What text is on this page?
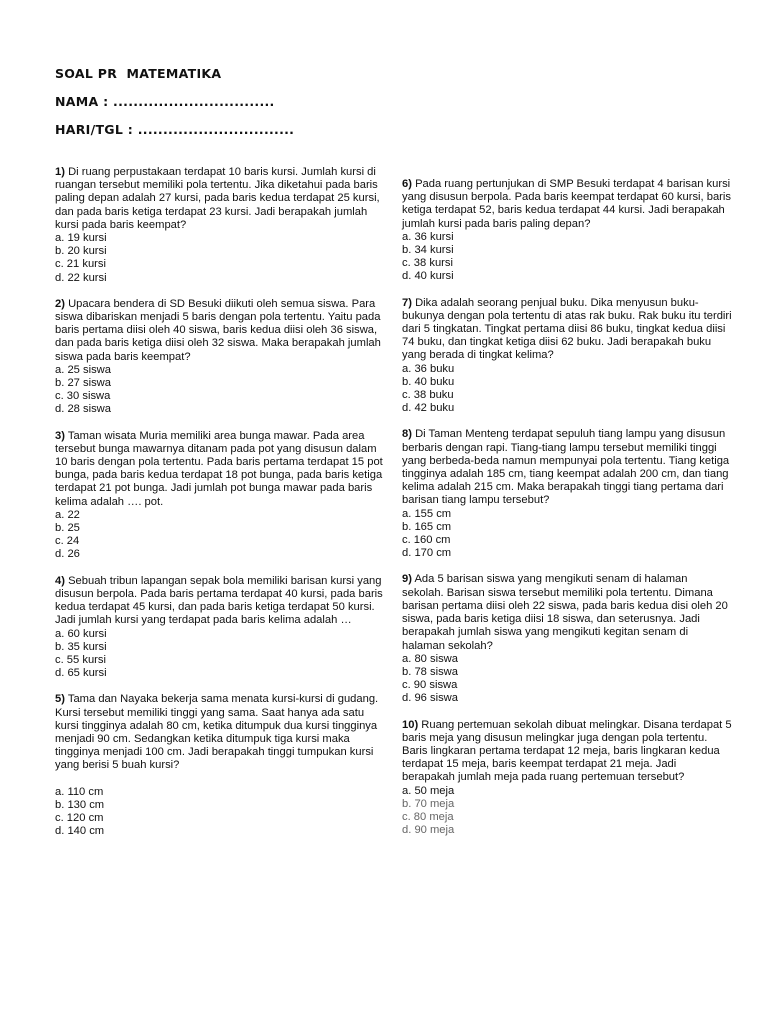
SOAL PR  MATEMATIKA
NAMA : ................................
HARI/TGL : ...............................

1) Di ruang perpustakaan terdapat 10 baris kursi. Jumlah kursi di ruangan tersebut memiliki pola tertentu. Jika diketahui pada baris paling depan adalah 27 kursi, pada baris kedua terdapat 25 kursi, dan pada baris ketiga terdapat 23 kursi. Jadi berapakah jumlah kursi pada baris keempat?

a. 19 kursi
b. 20 kursi
c. 21 kursi
d. 22 kursi

2) Upacara bendera di SD Besuki diikuti oleh semua siswa. Para siswa dibariskan menjadi 5 baris dengan pola tertentu. Yaitu pada baris pertama diisi oleh 40 siswa, baris kedua diisi oleh 36 siswa, dan pada baris ketiga diisi oleh 32 siswa. Maka berapakah jumlah siswa pada baris keempat?

a. 25 siswa
b. 27 siswa
c. 30 siswa
d. 28 siswa

3) Taman wisata Muria memiliki area bunga mawar. Pada area tersebut bunga mawarnya ditanam pada pot yang disusun dalam 10 baris dengan pola tertentu. Pada baris pertama terdapat 15 pot bunga, pada baris kedua terdapat 18 pot bunga, pada baris ketiga terdapat 21 pot bunga. Jadi jumlah pot bunga mawar pada baris kelima adalah …. pot.

a. 22
b. 25
c. 24
d. 26

4) Sebuah tribun lapangan sepak bola memiliki barisan kursi yang disusun berpola. Pada baris pertama terdapat 40 kursi, pada baris kedua terdapat 45 kursi, dan pada baris ketiga terdapat 50 kursi. Jadi jumlah kursi yang terdapat pada baris kelima adalah …

a. 60 kursi
b. 35 kursi
c. 55 kursi
d. 65 kursi

5) Tama dan Nayaka bekerja sama menata kursi-kursi di gudang. Kursi tersebut memiliki tinggi yang sama. Saat hanya ada satu kursi tingginya adalah 80 cm, ketika ditumpuk dua kursi tingginya menjadi 90 cm. Sedangkan ketika ditumpuk tiga kursi maka tingginya menjadi 100 cm. Jadi berapakah tinggi tumpukan kursi yang berisi 5 buah kursi?

a. 110 cm
b. 130 cm
c. 120 cm
d. 140 cm

6) Pada ruang pertunjukan di SMP Besuki terdapat 4 barisan kursi yang disusun berpola. Pada baris keempat terdapat 60 kursi, baris ketiga terdapat 52, baris kedua terdapat 44 kursi. Jadi berapakah jumlah kursi pada baris paling depan?

a. 36 kursi
b. 34 kursi
c. 38 kursi
d. 40 kursi

7) Dika adalah seorang penjual buku. Dika menyusun buku-bukunya dengan pola tertentu di atas rak buku. Rak buku itu terdiri dari 5 tingkatan. Tingkat pertama diisi 86 buku, tingkat kedua diisi 74 buku, dan tingkat ketiga diisi 62 buku. Jadi berapakah buku yang berada di tingkat kelima?

a. 36 buku
b. 40 buku
c. 38 buku
d. 42 buku

8) Di Taman Menteng terdapat sepuluh tiang lampu yang disusun berbaris dengan rapi. Tiang-tiang lampu tersebut memiliki tinggi yang berbeda-beda namun mempunyai pola tertentu. Tiang ketiga tingginya adalah 185 cm, tiang keempat adalah 200 cm, dan tiang kelima adalah 215 cm. Maka berapakah tinggi tiang pertama dari barisan tiang lampu tersebut?

a. 155 cm
b. 165 cm
c. 160 cm
d. 170 cm

9) Ada 5 barisan siswa yang mengikuti senam di halaman sekolah. Barisan siswa tersebut memiliki pola tertentu. Dimana barisan pertama diisi oleh 22 siswa, pada baris kedua disi oleh 20 siswa, pada baris ketiga diisi 18 siswa, dan seterusnya. Jadi berapakah jumlah siswa yang mengikuti kegitan senam di halaman sekolah?

a. 80 siswa
b. 78 siswa
c. 90 siswa
d. 96 siswa

10) Ruang pertemuan sekolah dibuat melingkar. Disana terdapat 5 baris meja yang disusun melingkar juga dengan pola tertentu. Baris lingkaran pertama terdapat 12 meja, baris lingkaran kedua terdapat 15 meja, baris keempat terdapat 21 meja. Jadi berapakah jumlah meja pada ruang pertemuan tersebut?

a. 50 meja
b. 70 meja
c. 80 meja
d. 90 meja
